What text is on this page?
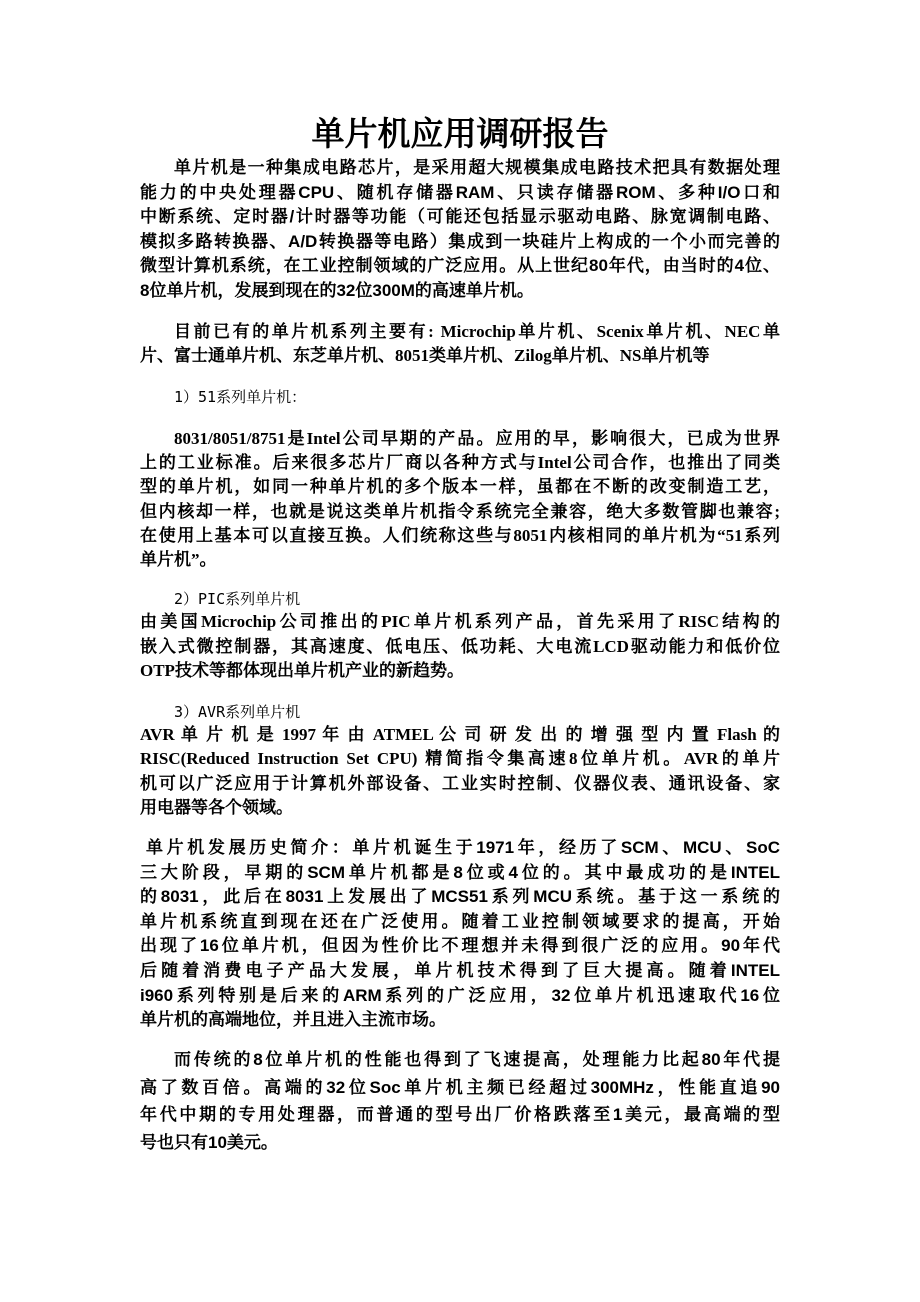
单片机应用调研报告
单片机是一种集成电路芯片，是采用超大规模集成电路技术把具有数据处理
能力的中央处理器CPU、随机存储器RAM、只读存储器ROM、多种I/O口和
中断系统、定时器/计时器等功能（可能还包括显示驱动电路、脉宽调制电路、
模拟多路转换器、A/D转换器等电路）集成到一块硅片上构成的一个小而完善的
微型计算机系统，在工业控制领域的广泛应用。从上世纪80年代，由当时的4位、
8位单片机，发展到现在的32位300M的高速单片机。
目前已有的单片机系列主要有: Microchip单片机、Scenix单片机、NEC单
片、富士通单片机、东芝单片机、8051类单片机、Zilog单片机、NS单片机等
1）51系列单片机：
8031/8051/8751是Intel公司早期的产品。应用的早，影响很大，已成为世界
上的工业标准。后来很多芯片厂商以各种方式与Intel公司合作，也推出了同类
型的单片机，如同一种单片机的多个版本一样，虽都在不断的改变制造工艺，
但内核却一样，也就是说这类单片机指令系统完全兼容，绝大多数管脚也兼容;
在使用上基本可以直接互换。人们统称这些与8051内核相同的单片机为“51系列
单片机”。
2）PIC系列单片机
由美国Microchip公司推出的PIC单片机系列产品，首先采用了RISC结构的
嵌入式微控制器，其高速度、低电压、低功耗、大电流LCD驱动能力和低价位
OTP技术等都体现出单片机产业的新趋势。
3）AVR系列单片机
AVR 单 片 机 是 1997 年 由 ATMEL 公 司 研 发 出 的 增 强 型 内 置 Flash 的
RISC(Reduced Instruction Set CPU) 精简指令集高速8位单片机。AVR的单片
机可以广泛应用于计算机外部设备、工业实时控制、仪器仪表、通讯设备、家
用电器等各个领域。
单片机发展历史简介：单片机诞生于1971年，经历了SCM、MCU、SoC
三大阶段，早期的SCM单片机都是8位或4位的。其中最成功的是INTEL
的8031，此后在8031上发展出了MCS51系列MCU系统。基于这一系统的
单片机系统直到现在还在广泛使用。随着工业控制领域要求的提高，开始
出现了16位单片机，但因为性价比不理想并未得到很广泛的应用。90年代
后随着消费电子产品大发展，单片机技术得到了巨大提高。随着INTEL
i960系列特别是后来的ARM系列的广泛应用，32位单片机迅速取代16位
单片机的高端地位，并且进入主流市场。
而传统的8位单片机的性能也得到了飞速提高，处理能力比起80年代提
高了数百倍。高端的32位Soc单片机主频已经超过300MHz，性能直追90
年代中期的专用处理器，而普通的型号出厂价格跌落至1美元，最高端的型
号也只有10美元。
